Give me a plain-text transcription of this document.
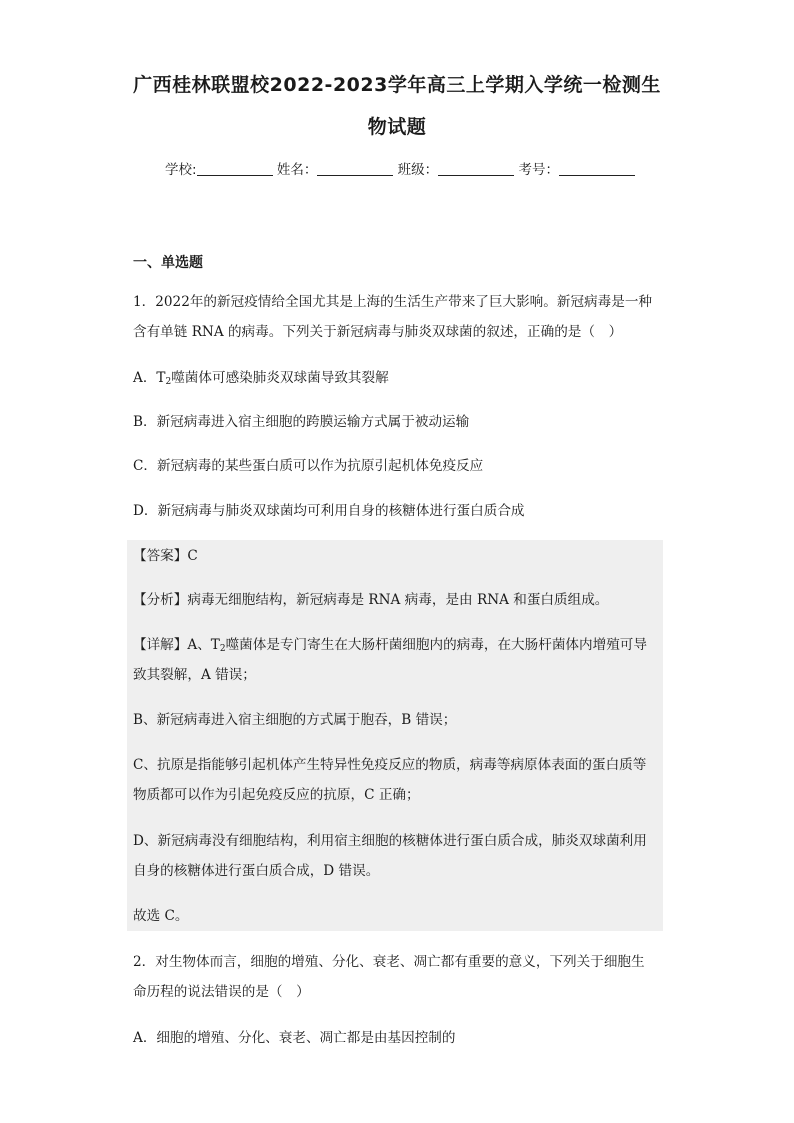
广西桂林联盟校2022-2023学年高三上学期入学统一检测生
物试题
学校:	姓名：	班级：	考号：
一、单选题
1．2022年的新冠疫情给全国尤其是上海的生活生产带来了巨大影响。新冠病毒是一种
含有单链 RNA 的病毒。下列关于新冠病毒与肺炎双球菌的叙述，正确的是（　）
A．$T_2$噬菌体可感染肺炎双球菌导致其裂解
B．新冠病毒进入宿主细胞的跨膜运输方式属于被动运输
C．新冠病毒的某些蛋白质可以作为抗原引起机体免疫反应
D．新冠病毒与肺炎双球菌均可利用自身的核糖体进行蛋白质合成
【答案】C
【分析】病毒无细胞结构，新冠病毒是 RNA 病毒，是由 RNA 和蛋白质组成。
【详解】A、$T_2$噬菌体是专门寄生在大肠杆菌细胞内的病毒，在大肠杆菌体内增殖可导
致其裂解，A 错误；
B、新冠病毒进入宿主细胞的方式属于胞吞，B 错误；
C、抗原是指能够引起机体产生特异性免疫反应的物质，病毒等病原体表面的蛋白质等
物质都可以作为引起免疫反应的抗原，C 正确；
D、新冠病毒没有细胞结构，利用宿主细胞的核糖体进行蛋白质合成，肺炎双球菌利用
自身的核糖体进行蛋白质合成，D 错误。
故选 C。
2．对生物体而言，细胞的增殖、分化、衰老、凋亡都有重要的意义，下列关于细胞生
命历程的说法错误的是（　）
A．细胞的增殖、分化、衰老、凋亡都是由基因控制的
